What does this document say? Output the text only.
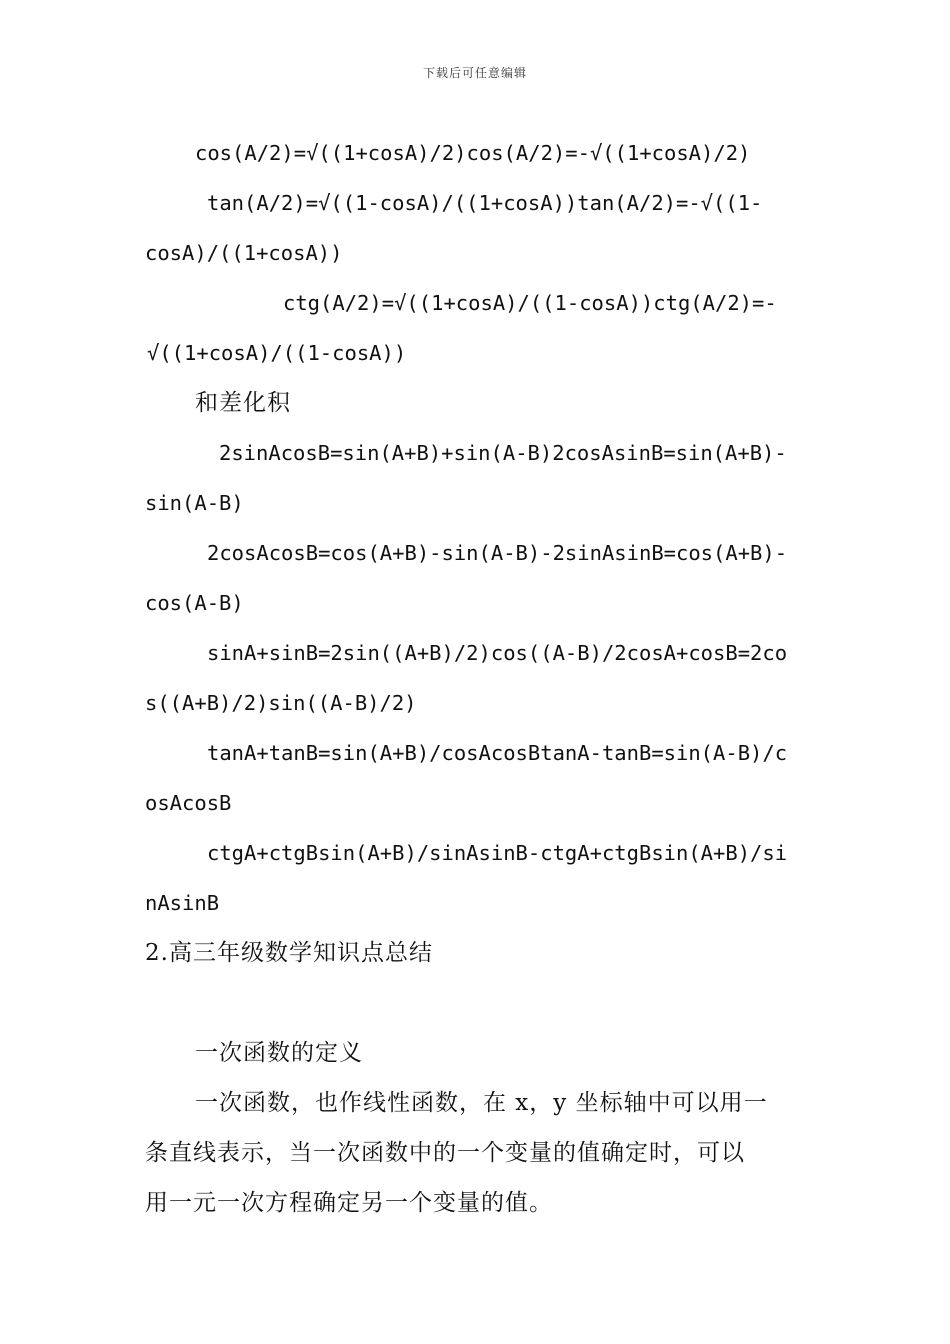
下载后可任意编辑
cos(A/2)=√((1+cosA)/2)cos(A/2)=-√((1+cosA)/2)
tan(A/2)=√((1-cosA)/((1+cosA))tan(A/2)=-√((1-
cosA)/((1+cosA))
ctg(A/2)=√((1+cosA)/((1-cosA))ctg(A/2)=-
√((1+cosA)/((1-cosA))
和差化积
2sinAcosB=sin(A+B)+sin(A-B)2cosAsinB=sin(A+B)-
sin(A-B)
2cosAcosB=cos(A+B)-sin(A-B)-2sinAsinB=cos(A+B)-
cos(A-B)
sinA+sinB=2sin((A+B)/2)cos((A-B)/2cosA+cosB=2co
s((A+B)/2)sin((A-B)/2)
tanA+tanB=sin(A+B)/cosAcosBtanA-tanB=sin(A-B)/c
osAcosB
ctgA+ctgBsin(A+B)/sinAsinB-ctgA+ctgBsin(A+B)/si
nAsinB
2.高三年级数学知识点总结
一次函数的定义
一次函数，也作线性函数，在 x，y 坐标轴中可以用一
条直线表示，当一次函数中的一个变量的值确定时，可以
用一元一次方程确定另一个变量的值。
